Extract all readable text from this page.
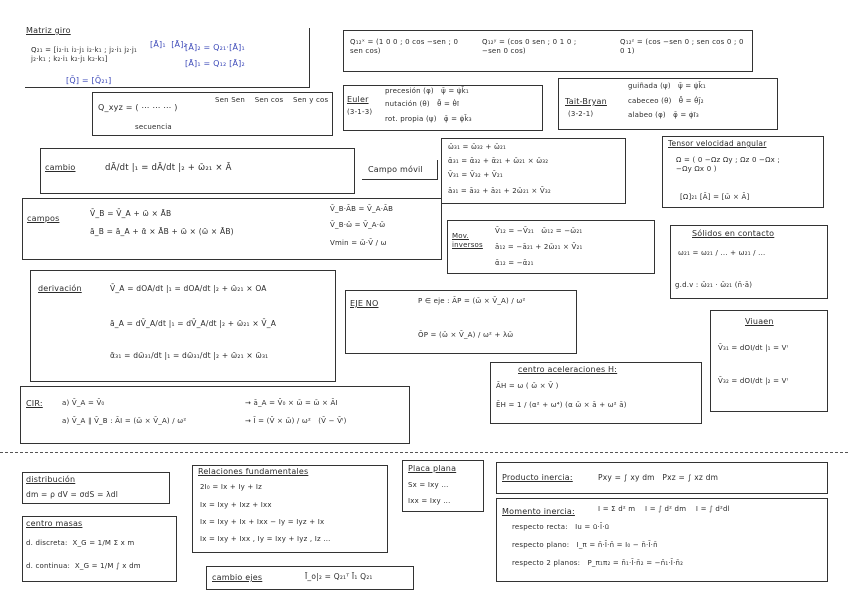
Matriz giro
Q₂₁ = [i₂·i₁ i₂·j₁ i₂·k₁ ; j₂·i₁ j₂·j₁ j₂·k₁ ; k₂·i₁ k₂·j₁ k₂·k₁]
[Ā]₁  [Ā]₂
[Ā]₂ = Q₂₁·[Ā]₁
[Ā]₁ = Q₁₂ [Ā]₂
[Q̄] = [Q̄₂₁]
Q₁₂ˣ = (1 0 0 ; 0 cos −sen ; 0 sen cos)
Q₁₂ʸ = (cos 0 sen ; 0 1 0 ; −sen 0 cos)
Q₁₂ᶻ = (cos −sen 0 ; sen cos 0 ; 0 0 1)
Q_xyz = ( ⋯ ⋯ ⋯ )
Sen Sen    Sen cos    Sen y cos
secuencia
Euler
(3-1-3)
precesión (φ)   ψ̄ = ψ̇k̄₁
nutación (θ)   θ̄ = θ̇ī
rot. propia (ψ)   φ̄ = φ̇k̄₃
Tait-Bryan
(3-2-1)
guiñada (ψ)   ψ̄ = ψ̇k̄₁
cabeceo (θ)   θ̄ = θ̇j̄₂
alabeo (φ)   φ̄ = φ̇ī₃
cambio	dĀ/dt |₁ = dĀ/dt |₂ + ω̄₂₁ × Ā	Campo móvil
ω̄₃₁ = ω̄₃₂ + ω̄₂₁
ᾱ₃₁ = ᾱ₃₂ + ᾱ₂₁ + ω̄₂₁ × ω̄₃₂
V̄₃₁ = V̄₃₂ + V̄₂₁
ā₃₁ = ā₃₂ + ā₂₁ + 2ω̄₂₁ × V̄₃₂
Tensor velocidad angular
Ω = ( 0 −Ωz Ωy ; Ωz 0 −Ωx ; −Ωy Ωx 0 )
[Ω]₂₁ [Ā] = [ω̄ × Ā]
campos
V̄_B = V̄_A + ω̄ × ĀB
ā_B = ā_A + ᾱ × ĀB + ω̄ × (ω̄ × ĀB)
V̄_B·ĀB = V̄_A·ĀB
V̄_B·ω̄ = V̄_A·ω̄
Vmin = ω̄·V̄ / ω
Mov. inversos
V̄₁₂ = −V̄₂₁   ω̄₁₂ = −ω̄₂₁
ā₁₂ = −ā₂₁ + 2ω̄₂₁ × V̄₂₁
ᾱ₁₂ = −ᾱ₂₁
Sólidos en contacto
ω₂₁ = ω₂₁ / ... + ω₂₁ / ...
g.d.v : ω̄₂₁ · ω̄₂₁ (n̄·ā)
derivación	V̄_A = dOA/dt |₁ = dOA/dt |₂ + ω̄₂₁ × OA
ā_A = dV̄_A/dt |₁ = dV̄_A/dt |₂ + ω̄₂₁ × V̄_A
ᾱ₃₁ = dω̄₃₁/dt |₁ = dω̄₃₁/dt |₂ + ω̄₂₁ × ω̄₃₁
EJE NO	P ∈ eje : ĀP = (ω̄ × V̄_A) / ω²
ŌP = (ω̄ × V̄_A) / ω² + λω̄
Viuaen
V̄₃₁ = dOI/dt |₁ = Vᴵ
V̄₃₂ = dOI/dt |₂ = Vᴵ
centro aceleraciones H:
ĀH = ω ( ω̄ × V̄ )
ĒH = 1 / (α² + ω⁴) (α ω̄ × ā + ω² ā)
CIR:	a) V̄_A = V̄₀
a) V̄_A ∥ V̄_B : ĀI = (ω̄ × V̄_A) / ω²
→ ā_A = V̄₀ × ω̄ = ω̄ × ĀI
→ Ī = (V̄ × ω̄) / ω²   (V̄ − V̄ᴵ)
distribución
dm = ρ dV = σdS = λdl
centro masas
d. discreta:  X_G = 1/M Σ x m
d. continua:  X_G = 1/M ∫ x dm
Relaciones fundamentales
2I₀ = Ix + Iy + Iz
Ix = Ixy + Ixz + Ixx
Ix = Ixy + Ix + Ixx − Iy = Iyz + Ix
Ix = Ixy + Ixx , Iy = Ixy + Iyz , Iz ...
cambio ejes	Ī_o|₂ = Q₂₁ᵀ Ī₁ Q₂₁
Placa plana
Sx = Ixy ...
Ixx = Ixy ...
Producto inercia:	Pxy = ∫ xy dm   Pxz = ∫ xz dm
Momento inercia:	I = Σ d² m    I = ∫ d² dm    I = ∫ d²dl
respecto recta:   Iu = ū·Ī·ū
respecto plano:   I_π = n̄·Ī·n̄ = I₀ − n̄·Ī·n̄
respecto 2 planos:   P_π₁π₂ = n̄₁·Ī·n̄₂ = −n̄₁·Ī·n̄₂
